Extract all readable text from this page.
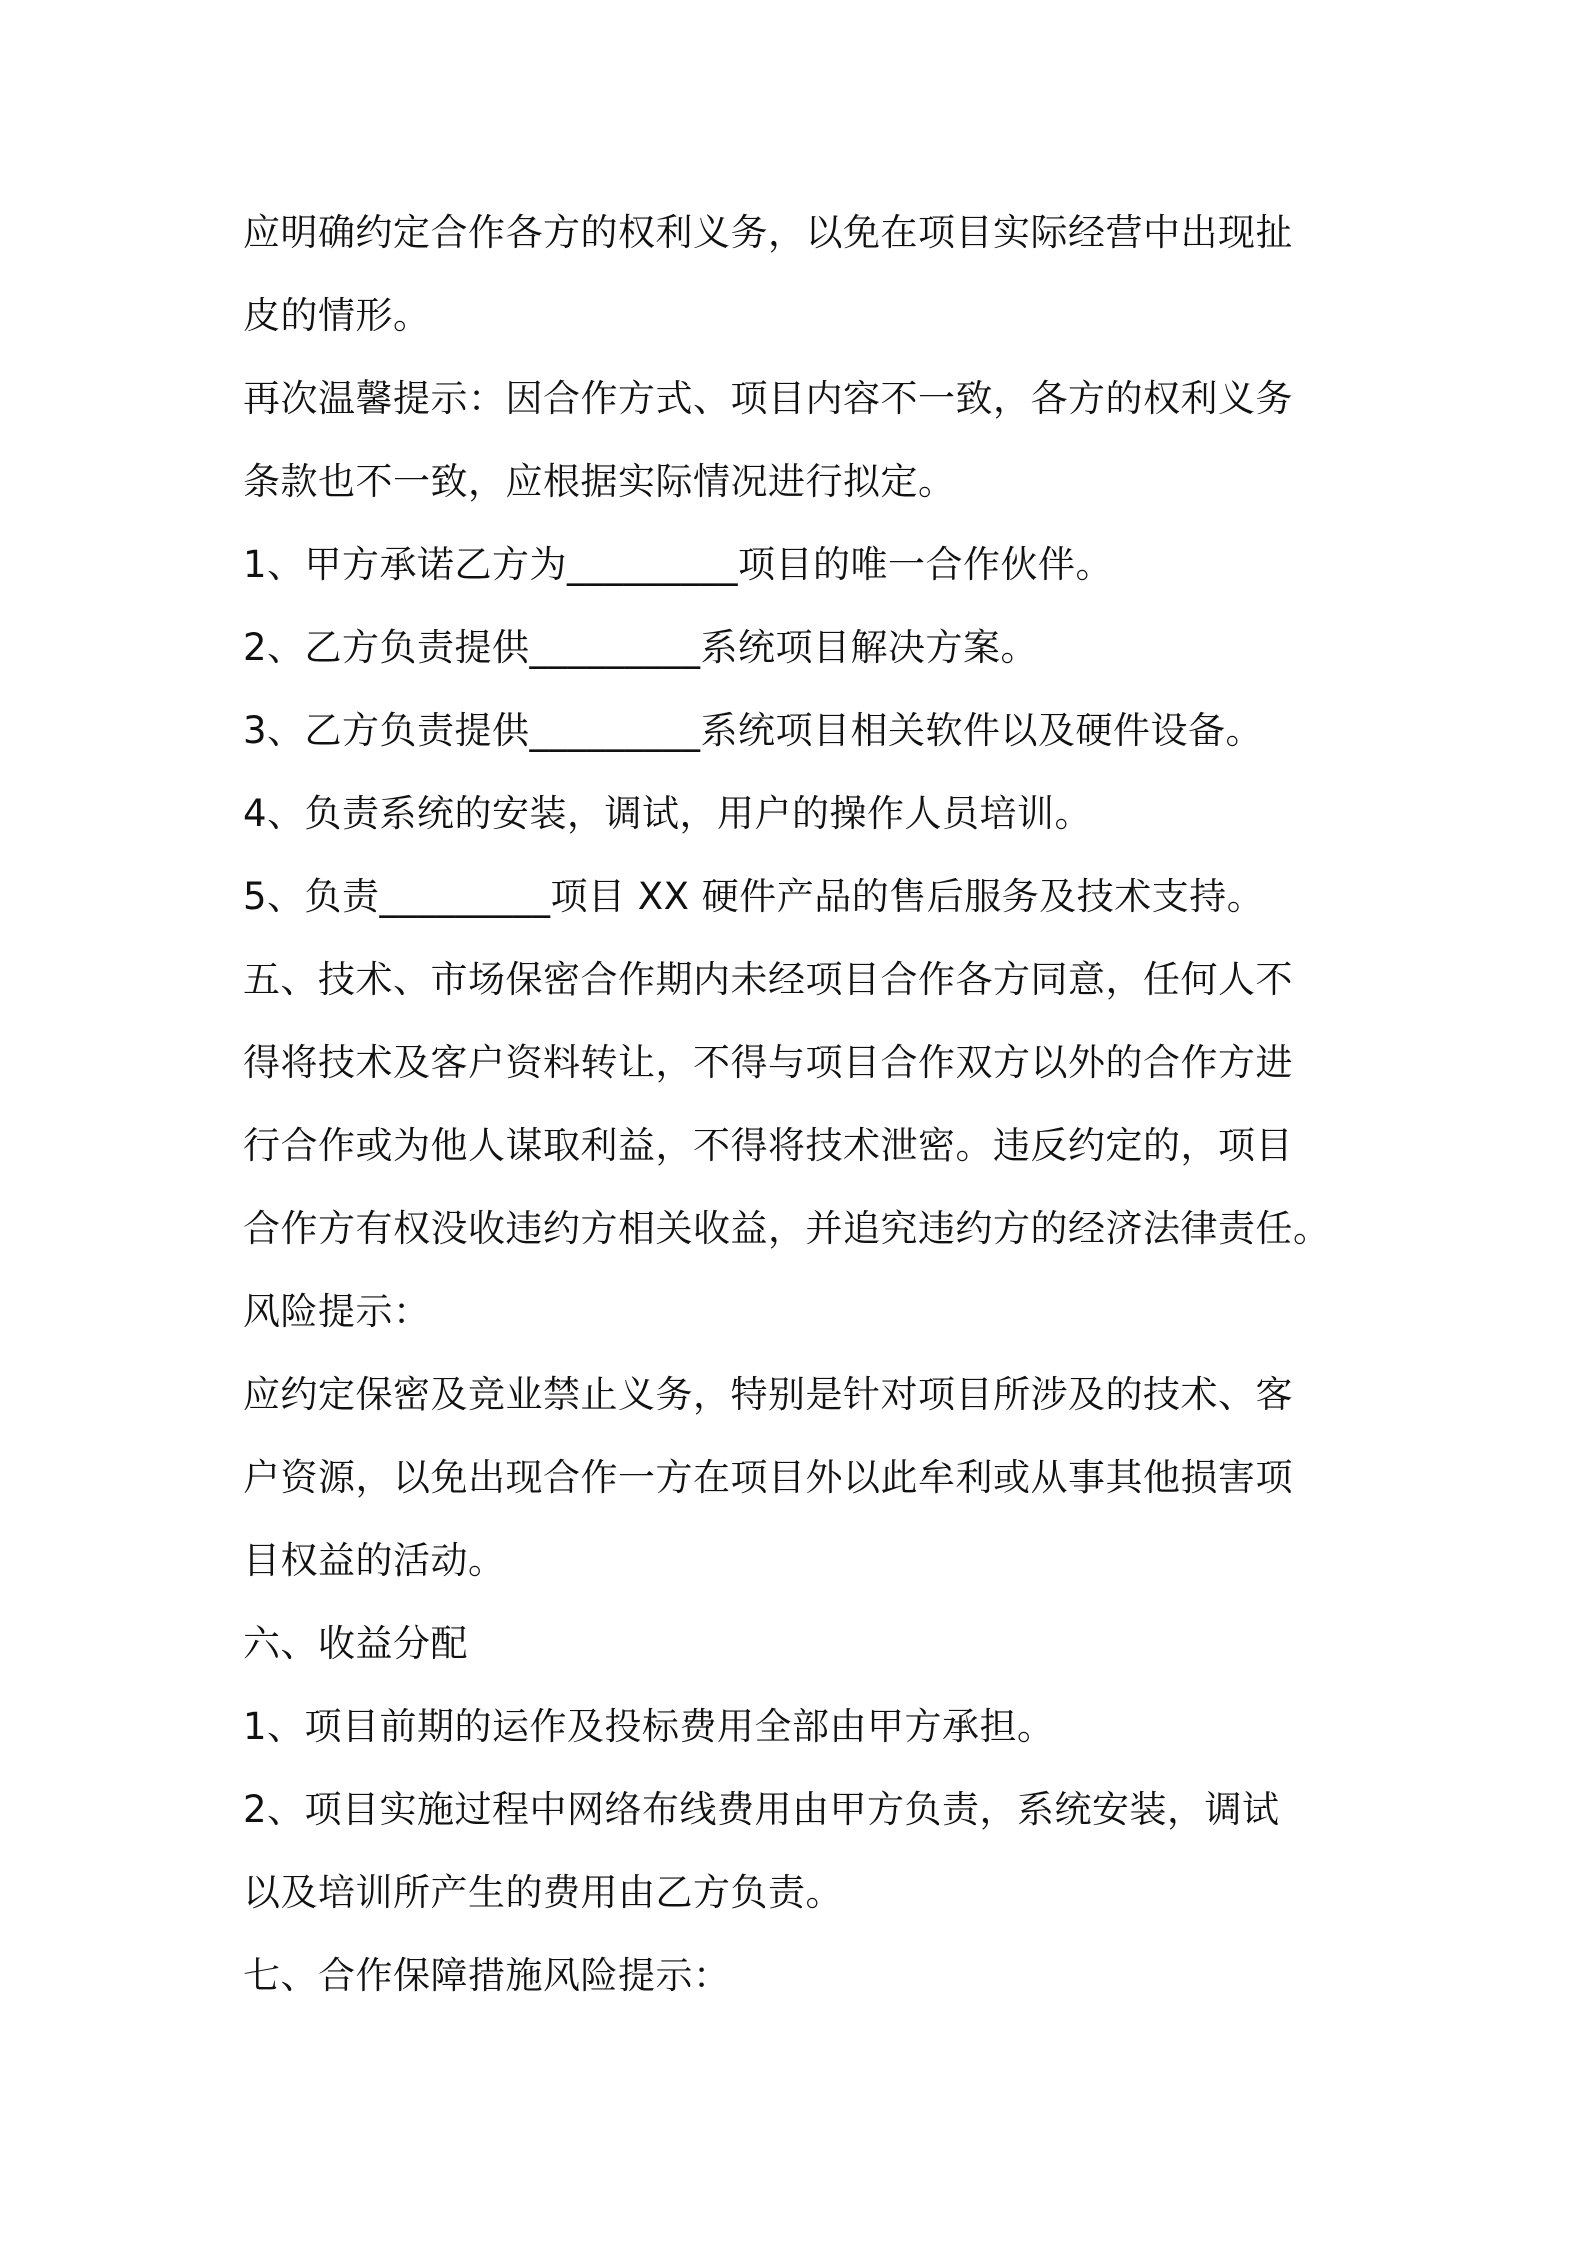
应明确约定合作各方的权利义务，以免在项目实际经营中出现扯
皮的情形。
再次温馨提示：因合作方式、项目内容不一致，各方的权利义务
条款也不一致，应根据实际情况进行拟定。
1、甲方承诺乙方为_________项目的唯一合作伙伴。
2、乙方负责提供_________系统项目解决方案。
3、乙方负责提供_________系统项目相关软件以及硬件设备。
4、负责系统的安装，调试，用户的操作人员培训。
5、负责_________项目 XX 硬件产品的售后服务及技术支持。
五、技术、市场保密合作期内未经项目合作各方同意，任何人不
得将技术及客户资料转让，不得与项目合作双方以外的合作方进
行合作或为他人谋取利益，不得将技术泄密。违反约定的，项目
合作方有权没收违约方相关收益，并追究违约方的经济法律责任。
风险提示：
应约定保密及竞业禁止义务，特别是针对项目所涉及的技术、客
户资源，以免出现合作一方在项目外以此牟利或从事其他损害项
目权益的活动。
六、收益分配
1、项目前期的运作及投标费用全部由甲方承担。
2、项目实施过程中网络布线费用由甲方负责，系统安装，调试
以及培训所产生的费用由乙方负责。
七、合作保障措施风险提示：
